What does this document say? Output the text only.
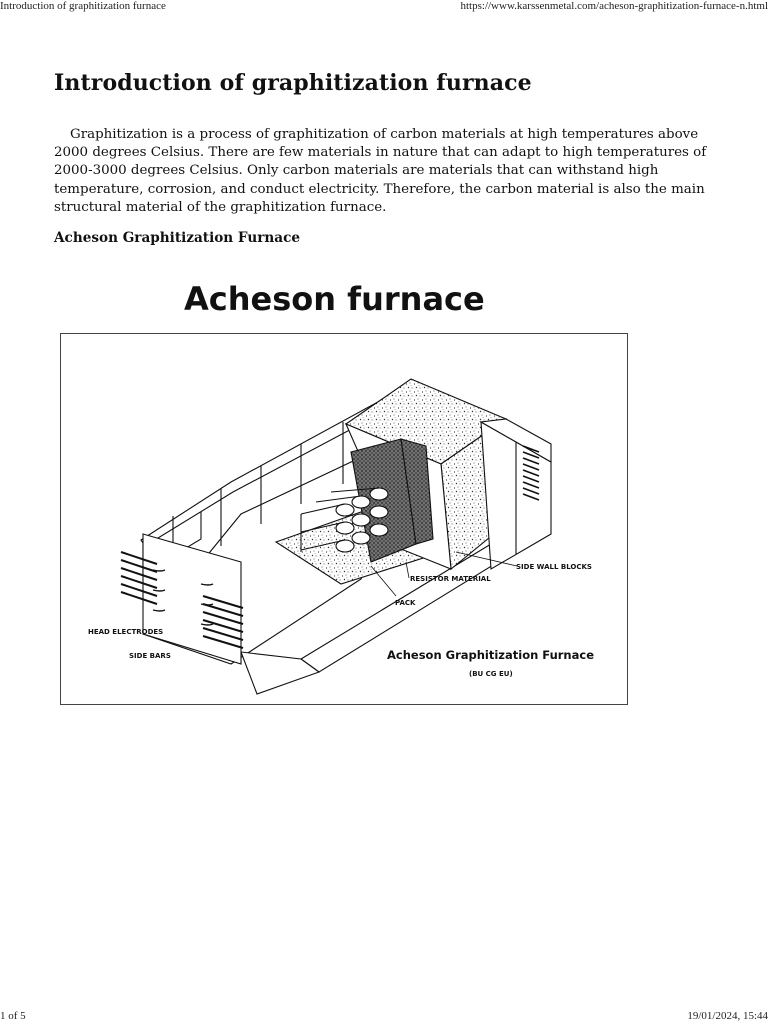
Introduction of graphitization furnace	https://www.karssenmetal.com/acheson-graphitization-furnace-n.html
Introduction of graphitization furnace

Graphitization is a process of graphitization of carbon materials at high temperatures above 2000 degrees Celsius. There are few materials in nature that can adapt to high temperatures of 2000-3000 degrees Celsius. Only carbon materials are materials that can withstand high temperature, corrosion, and conduct electricity. Therefore, the carbon material is also the main structural material of the graphitization furnace.

Acheson Graphitization Furnace
Acheson furnace
SIDE WALL BLOCKS
RESISTOR MATERIAL
PACK
HEAD ELECTRODES
SIDE BARS	Acheson Graphitization Furnace
(BU CG EU)
1 of 5	19/01/2024, 15:44
